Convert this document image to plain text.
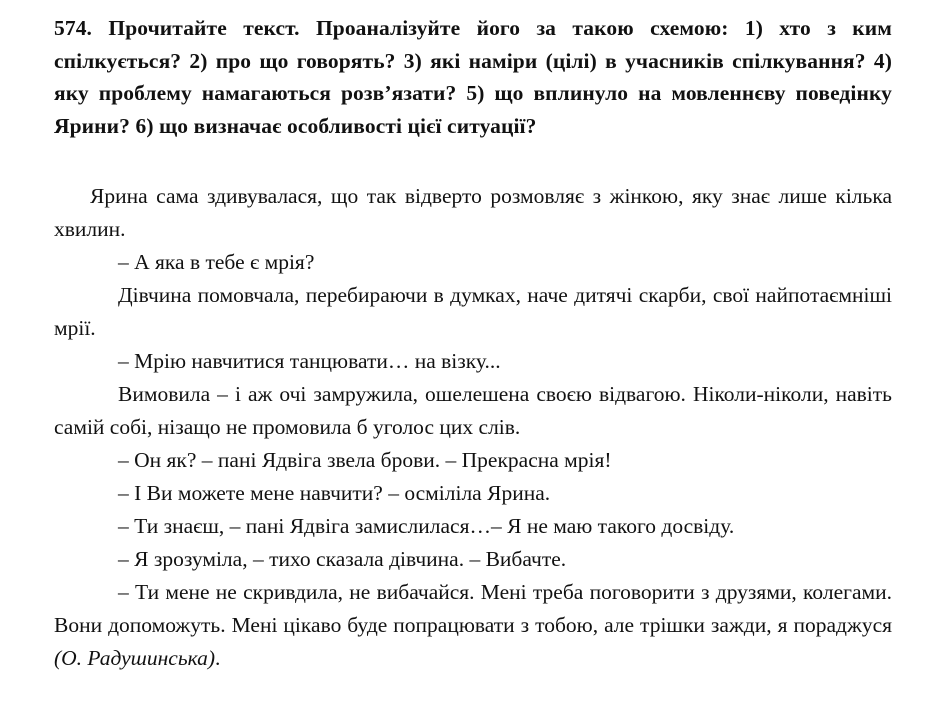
574. Прочитайте текст. Проаналізуйте його за такою схемою: 1) хто з ким спілкується? 2) про що говорять? 3) які наміри (цілі) в учасників спілкування? 4) яку проблему намагаються розв’язати? 5) що вплинуло на мовленнєву поведінку Ярини? 6) що визначає особливості цієї ситуації?

Ярина сама здивувалася, що так відверто розмовляє з жінкою, яку знає лише кілька хвилин.

– А яка в тебе є мрія?

Дівчина помовчала, перебираючи в думках, наче дитячі скарби, свої найпотаємніші мрії.

– Мрію навчитися танцювати… на візку...

Вимовила – і аж очі замружила, ошелешена своєю відвагою. Ніколи-ніколи, навіть самій собі, нізащо не промовила б уголос цих слів.

– Он як? – пані Ядвіга звела брови. – Прекрасна мрія!

– І Ви можете мене навчити? – осміліла Ярина.

– Ти знаєш, – пані Ядвіга замислилася…– Я не маю такого досвіду.

– Я зрозуміла, – тихо сказала дівчина. – Вибачте.

– Ти мене не скривдила, не вибачайся. Мені треба поговорити з друзями, колегами. Вони допоможуть. Мені цікаво буде попрацювати з тобою, але трішки зажди, я пораджуся (О. Радушинська).
